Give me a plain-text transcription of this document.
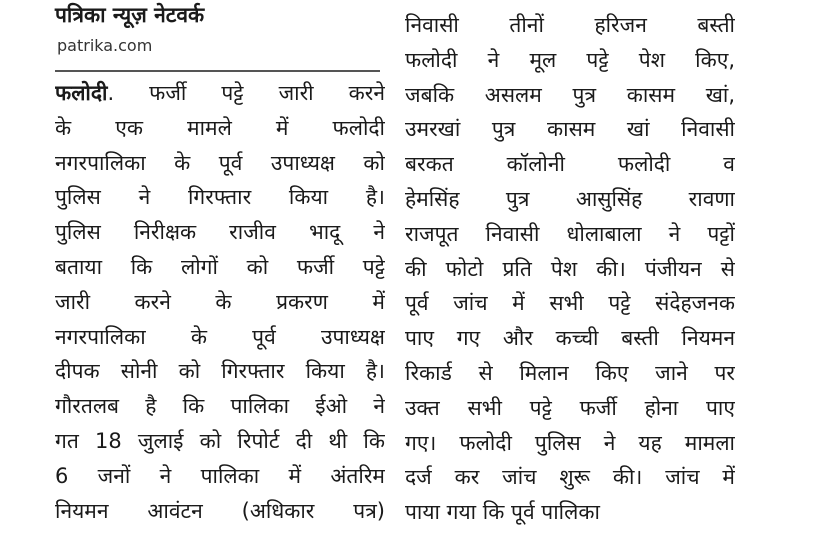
पत्रिका न्यूज़ नेटवर्क
patrika.com
फलोदी. फर्जी पट्टे जारी करने
के एक मामले में फलोदी
नगरपालिका के पूर्व उपाध्यक्ष को
पुलिस ने गिरफ्तार किया है।
पुलिस निरीक्षक राजीव भादू ने
बताया कि लोगों को फर्जी पट्टे
जारी करने के प्रकरण में
नगरपालिका के पूर्व उपाध्यक्ष
दीपक सोनी को गिरफ्तार किया है।
गौरतलब है कि पालिका ईओ ने
गत 18 जुलाई को रिपोर्ट दी थी कि
6 जनों ने पालिका में अंतरिम
नियमन आवंटन (अधिकार पत्र)
निवासी तीनों हरिजन बस्ती
फलोदी ने मूल पट्टे पेश किए,
जबकि असलम पुत्र कासम खां,
उमरखां पुत्र कासम खां निवासी
बरकत कॉलोनी फलोदी व
हेमसिंह पुत्र आसुसिंह रावणा
राजपूत निवासी धोलाबाला ने पट्टों
की फोटो प्रति पेश की। पंजीयन से
पूर्व जांच में सभी पट्टे संदेहजनक
पाए गए और कच्ची बस्ती नियमन
रिकार्ड से मिलान किए जाने पर
उक्त सभी पट्टे फर्जी होना पाए
गए। फलोदी पुलिस ने यह मामला
दर्ज कर जांच शुरू की। जांच में
पाया गया कि पूर्व पालिका
